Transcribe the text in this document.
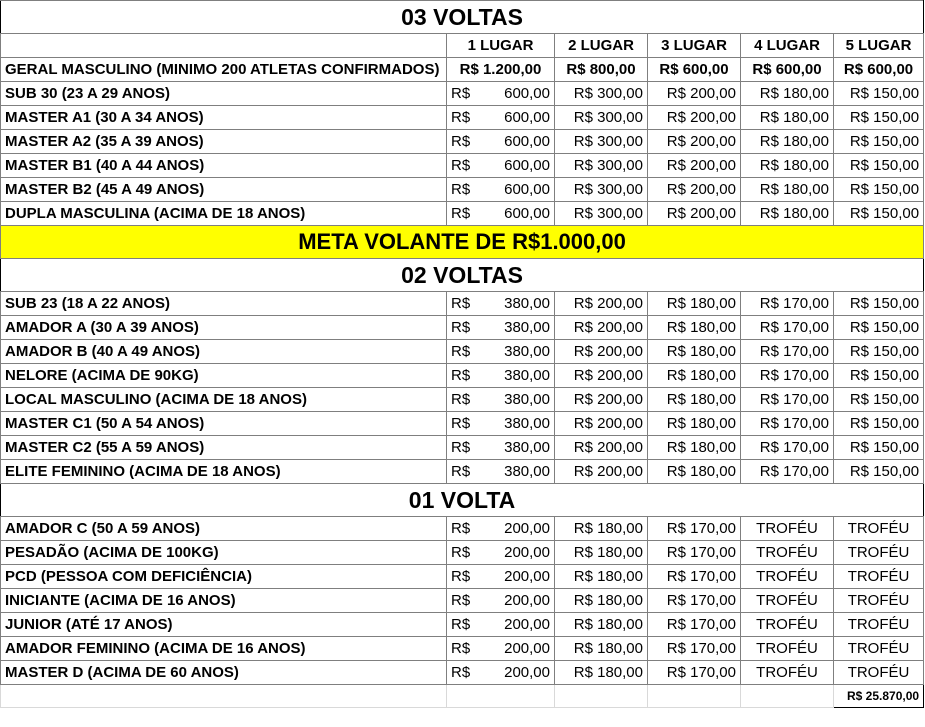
03 VOLTAS					
	1 LUGAR	2 LUGAR	3 LUGAR	4 LUGAR	5 LUGAR
GERAL MASCULINO (MINIMO 200 ATLETAS CONFIRMADOS)	R$ 1.200,00	R$ 800,00	R$ 600,00	R$ 600,00	R$ 600,00
SUB 30 (23 A 29 ANOS)	R$ 600,00	R$ 300,00	R$ 200,00	R$ 180,00	R$ 150,00
MASTER A1 (30 A 34 ANOS)	R$ 600,00	R$ 300,00	R$ 200,00	R$ 180,00	R$ 150,00
MASTER A2 (35 A 39 ANOS)	R$ 600,00	R$ 300,00	R$ 200,00	R$ 180,00	R$ 150,00
MASTER B1 (40 A 44 ANOS)	R$ 600,00	R$ 300,00	R$ 200,00	R$ 180,00	R$ 150,00
MASTER B2 (45 A 49 ANOS)	R$ 600,00	R$ 300,00	R$ 200,00	R$ 180,00	R$ 150,00
DUPLA MASCULINA (ACIMA DE 18 ANOS)	R$ 600,00	R$ 300,00	R$ 200,00	R$ 180,00	R$ 150,00
META VOLANTE DE R$1.000,00					
02 VOLTAS					
SUB 23 (18 A 22 ANOS)	R$ 380,00	R$ 200,00	R$ 180,00	R$ 170,00	R$ 150,00
AMADOR A (30 A 39 ANOS)	R$ 380,00	R$ 200,00	R$ 180,00	R$ 170,00	R$ 150,00
AMADOR B (40 A 49 ANOS)	R$ 380,00	R$ 200,00	R$ 180,00	R$ 170,00	R$ 150,00
NELORE (ACIMA DE 90KG)	R$ 380,00	R$ 200,00	R$ 180,00	R$ 170,00	R$ 150,00
LOCAL MASCULINO (ACIMA DE 18 ANOS)	R$ 380,00	R$ 200,00	R$ 180,00	R$ 170,00	R$ 150,00
MASTER C1 (50 A 54 ANOS)	R$ 380,00	R$ 200,00	R$ 180,00	R$ 170,00	R$ 150,00
MASTER C2 (55 A 59 ANOS)	R$ 380,00	R$ 200,00	R$ 180,00	R$ 170,00	R$ 150,00
ELITE FEMININO (ACIMA DE 18 ANOS)	R$ 380,00	R$ 200,00	R$ 180,00	R$ 170,00	R$ 150,00
01 VOLTA					
AMADOR C (50 A 59 ANOS)	R$ 200,00	R$ 180,00	R$ 170,00	TROFÉU	TROFÉU
PESADÃO (ACIMA DE 100KG)	R$ 200,00	R$ 180,00	R$ 170,00	TROFÉU	TROFÉU
PCD (PESSOA COM DEFICIÊNCIA)	R$ 200,00	R$ 180,00	R$ 170,00	TROFÉU	TROFÉU
INICIANTE (ACIMA DE 16 ANOS)	R$ 200,00	R$ 180,00	R$ 170,00	TROFÉU	TROFÉU
JUNIOR (ATÉ 17 ANOS)	R$ 200,00	R$ 180,00	R$ 170,00	TROFÉU	TROFÉU
AMADOR FEMININO (ACIMA DE 16 ANOS)	R$ 200,00	R$ 180,00	R$ 170,00	TROFÉU	TROFÉU
MASTER D (ACIMA DE 60 ANOS)	R$ 200,00	R$ 180,00	R$ 170,00	TROFÉU	TROFÉU
					R$ 25.870,00
